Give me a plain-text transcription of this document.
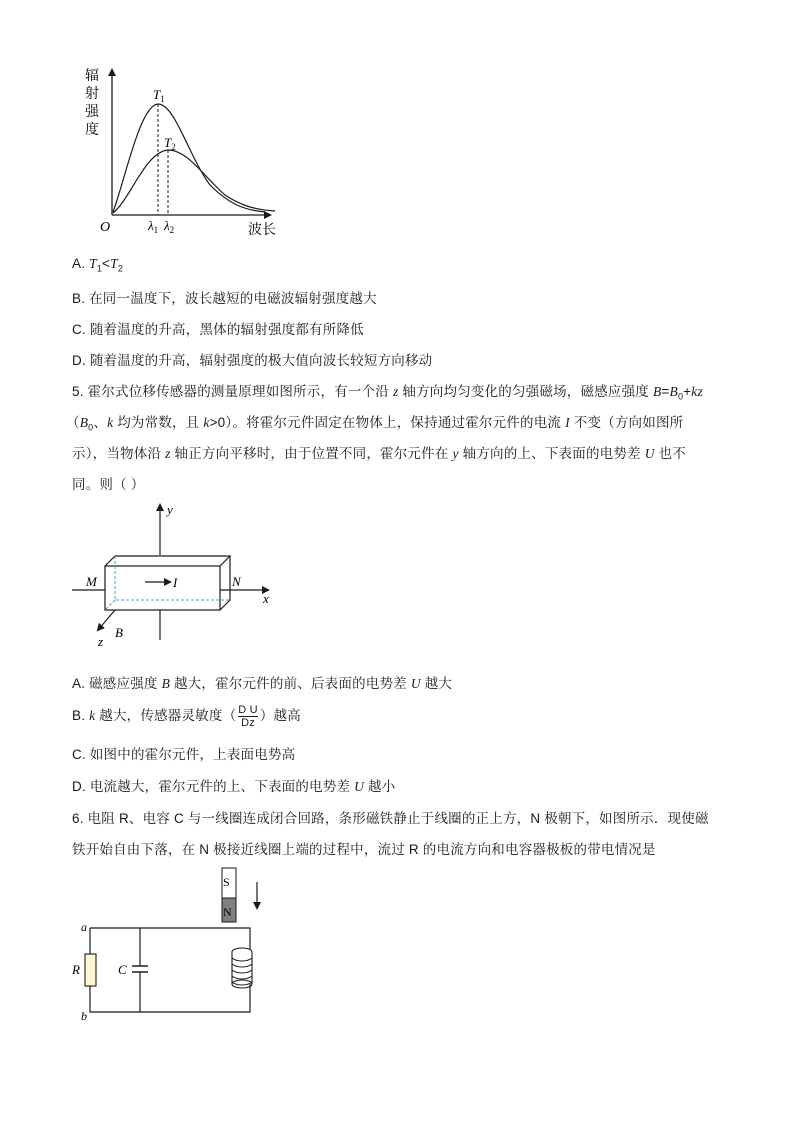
辐
射
强
度
O	波长
$T_1$
$T_2$
$\lambda_1$ $\lambda_2$

A. $T_1<T_2$

B. 在同一温度下，波长越短的电磁波辐射强度越大

C. 随着温度的升高，黑体的辐射强度都有所降低

D. 随着温度的升高，辐射强度的极大值向波长较短方向移动

5. 霍尔式位移传感器的测量原理如图所示，有一个沿 z 轴方向均匀变化的匀强磁场，磁感应强度 $B=B_0+kz$

（$B_0$、k 均为常数，且 k>0）。将霍尔元件固定在物体上，保持通过霍尔元件的电流 I 不变（方向如图所

示），当物体沿 z 轴正方向平移时，由于位置不同，霍尔元件在 y 轴方向的上、下表面的电势差 U 也不

同。则（ ）

y
x
I
M	N
B
z

A. 磁感应强度 B 越大，霍尔元件的前、后表面的电势差 U 越大

B. k 越大，传感器灵敏度（ $\frac{\text{D U}}{Dz}$ ）越高

C. 如图中的霍尔元件，上表面电势高

D. 电流越大，霍尔元件的上、下表面的电势差 U 越小

6. 电阻 R、电容 C 与一线圈连成闭合回路，条形磁铁静止于线圈的正上方，N 极朝下，如图所示．现使磁

铁开始自由下落，在 N 极接近线圈上端的过程中，流过 R 的电流方向和电容器极板的带电情况是

S
N
C
R
a
b
